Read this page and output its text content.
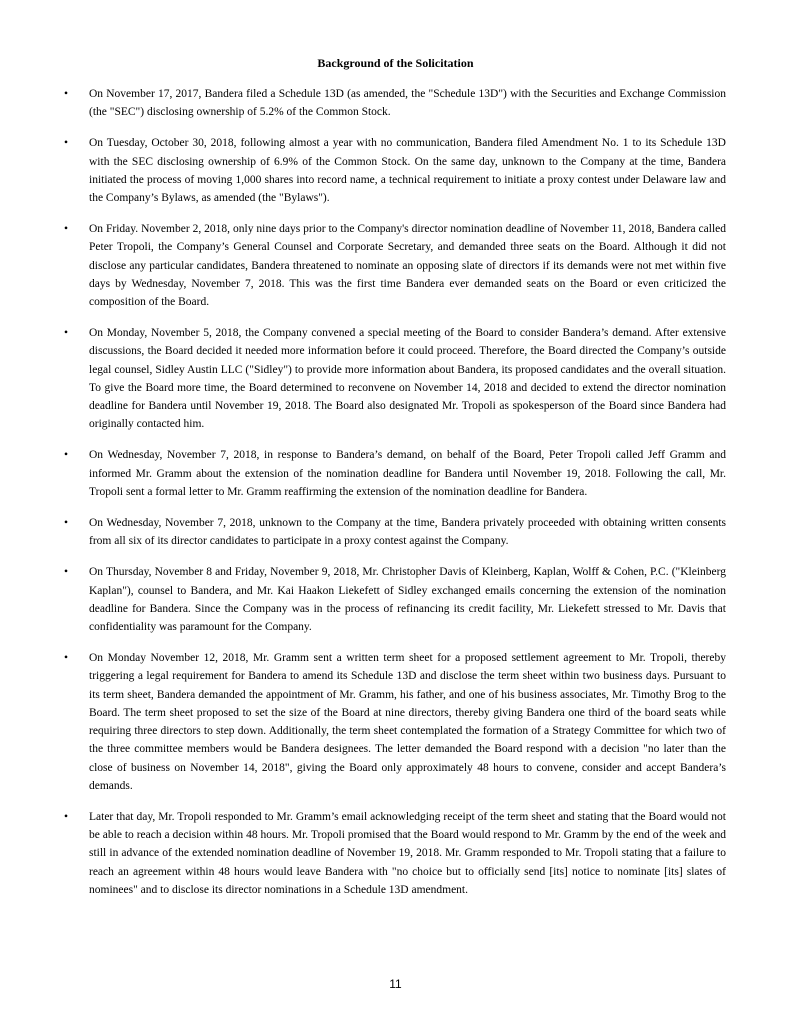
Background of the Solicitation
• On November 17, 2017, Bandera filed a Schedule 13D (as amended, the "Schedule 13D") with the Securities and Exchange Commission (the "SEC") disclosing ownership of 5.2% of the Common Stock.
• On Tuesday, October 30, 2018, following almost a year with no communication, Bandera filed Amendment No. 1 to its Schedule 13D with the SEC disclosing ownership of 6.9% of the Common Stock. On the same day, unknown to the Company at the time, Bandera initiated the process of moving 1,000 shares into record name, a technical requirement to initiate a proxy contest under Delaware law and the Company’s Bylaws, as amended (the "Bylaws").
• On Friday. November 2, 2018, only nine days prior to the Company's director nomination deadline of November 11, 2018, Bandera called Peter Tropoli, the Company’s General Counsel and Corporate Secretary, and demanded three seats on the Board. Although it did not disclose any particular candidates, Bandera threatened to nominate an opposing slate of directors if its demands were not met within five days by Wednesday, November 7, 2018. This was the first time Bandera ever demanded seats on the Board or even criticized the composition of the Board.
• On Monday, November 5, 2018, the Company convened a special meeting of the Board to consider Bandera’s demand. After extensive discussions, the Board decided it needed more information before it could proceed. Therefore, the Board directed the Company’s outside legal counsel, Sidley Austin LLC ("Sidley") to provide more information about Bandera, its proposed candidates and the overall situation. To give the Board more time, the Board determined to reconvene on November 14, 2018 and decided to extend the director nomination deadline for Bandera until November 19, 2018. The Board also designated Mr. Tropoli as spokesperson of the Board since Bandera had originally contacted him.
• On Wednesday, November 7, 2018, in response to Bandera’s demand, on behalf of the Board, Peter Tropoli called Jeff Gramm and informed Mr. Gramm about the extension of the nomination deadline for Bandera until November 19, 2018. Following the call, Mr. Tropoli sent a formal letter to Mr. Gramm reaffirming the extension of the nomination deadline for Bandera.
• On Wednesday, November 7, 2018, unknown to the Company at the time, Bandera privately proceeded with obtaining written consents from all six of its director candidates to participate in a proxy contest against the Company.
• On Thursday, November 8 and Friday, November 9, 2018, Mr. Christopher Davis of Kleinberg, Kaplan, Wolff & Cohen, P.C. ("Kleinberg Kaplan"), counsel to Bandera, and Mr. Kai Haakon Liekefett of Sidley exchanged emails concerning the extension of the nomination deadline for Bandera. Since the Company was in the process of refinancing its credit facility, Mr. Liekefett stressed to Mr. Davis that confidentiality was paramount for the Company.
• On Monday November 12, 2018, Mr. Gramm sent a written term sheet for a proposed settlement agreement to Mr. Tropoli, thereby triggering a legal requirement for Bandera to amend its Schedule 13D and disclose the term sheet within two business days. Pursuant to its term sheet, Bandera demanded the appointment of Mr. Gramm, his father, and one of his business associates, Mr. Timothy Brog to the Board. The term sheet proposed to set the size of the Board at nine directors, thereby giving Bandera one third of the board seats while requiring three directors to step down. Additionally, the term sheet contemplated the formation of a Strategy Committee for which two of the three committee members would be Bandera designees. The letter demanded the Board respond with a decision "no later than the close of business on November 14, 2018", giving the Board only approximately 48 hours to convene, consider and accept Bandera’s demands.
• Later that day, Mr. Tropoli responded to Mr. Gramm’s email acknowledging receipt of the term sheet and stating that the Board would not be able to reach a decision within 48 hours. Mr. Tropoli promised that the Board would respond to Mr. Gramm by the end of the week and still in advance of the extended nomination deadline of November 19, 2018. Mr. Gramm responded to Mr. Tropoli stating that a failure to reach an agreement within 48 hours would leave Bandera with "no choice but to officially send [its] notice to nominate [its] slates of nominees" and to disclose its director nominations in a Schedule 13D amendment.
11
